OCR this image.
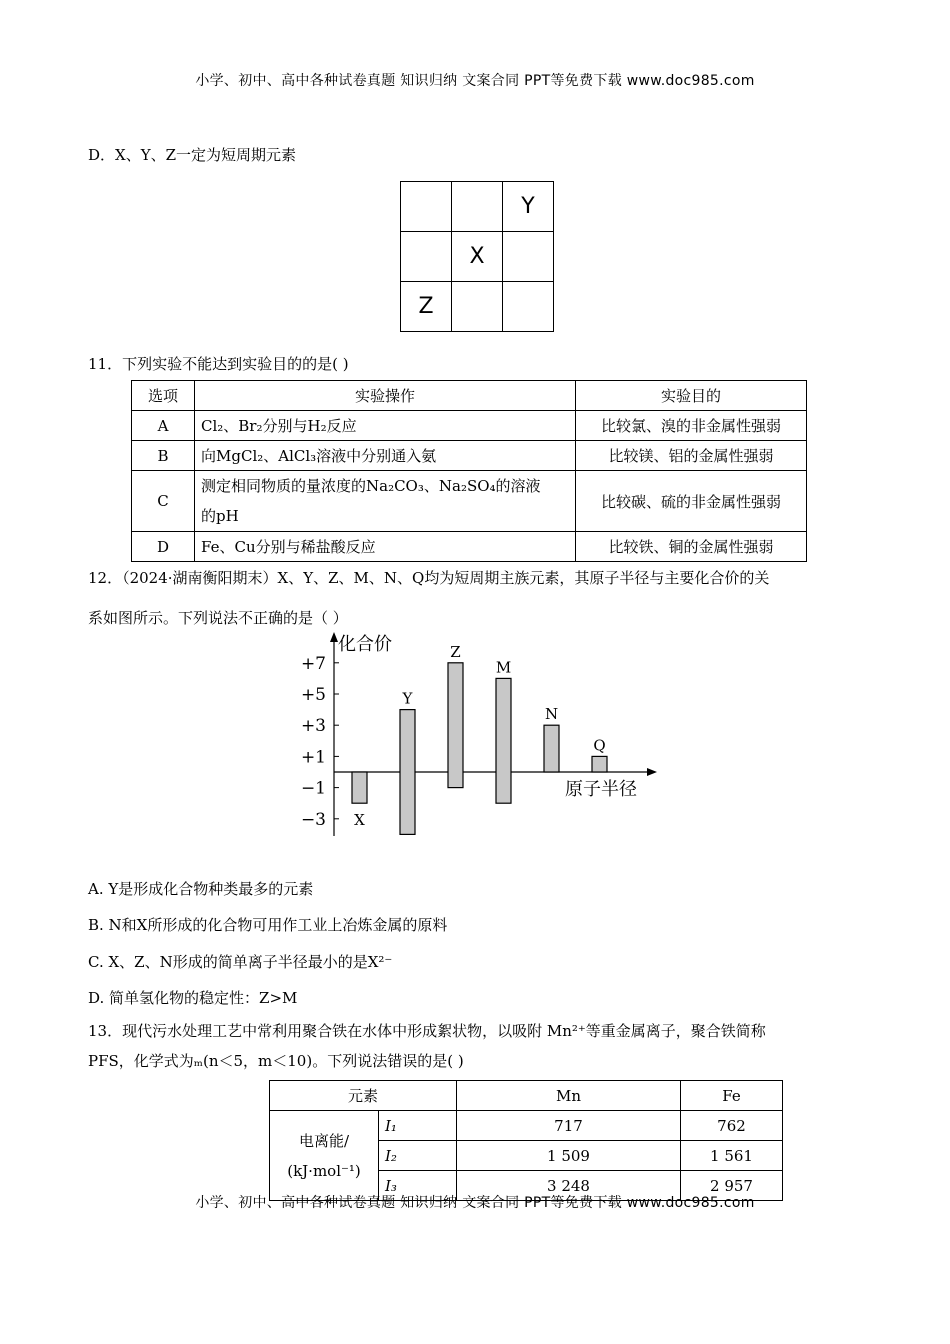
小学、初中、高中各种试卷真题 知识归纳 文案合同 PPT等免费下载 www.doc985.com
D．X、Y、Z一定为短周期元素
		Y
	X	
Z		
11．下列实验不能达到实验目的的是( )
选项	实验操作	实验目的
A	Cl₂、Br₂分别与H₂反应	比较氯、溴的非金属性强弱
B	向MgCl₂、AlCl₃溶液中分别通入氨	比较镁、铝的金属性强弱
C	测定相同物质的量浓度的Na₂CO₃、Na₂SO₄的溶液
的pH	比较碳、硫的非金属性强弱
D	Fe、Cu分别与稀盐酸反应	比较铁、铜的金属性强弱
12．（2024·湖南衡阳期末）X、Y、Z、M、N、Q均为短周期主族元素，其原子半径与主要化合价的关
系如图所示。下列说法不正确的是（ ）
化合价
原子半径
+7
+5
+3
+1
−1
−3 X
Y
Z
M
N
Q
A. Y是形成化合物种类最多的元素
B. N和X所形成的化合物可用作工业上冶炼金属的原料
C. X、Z、N形成的简单离子半径最小的是X²⁻
D. 简单氢化物的稳定性：Z>M
13．现代污水处理工艺中常利用聚合铁在水体中形成絮状物，以吸附 Mn²⁺等重金属离子，聚合铁简称
PFS，化学式为ₘ(n＜5，m＜10)。下列说法错误的是( )
元素		Mn	Fe

电离能/
(kJ·mol⁻¹)	I₁	717	762
	I₂	1 509	1 561
	I₃	3 248	2 957
小学、初中、高中各种试卷真题 知识归纳 文案合同 PPT等免费下载 www.doc985.com
